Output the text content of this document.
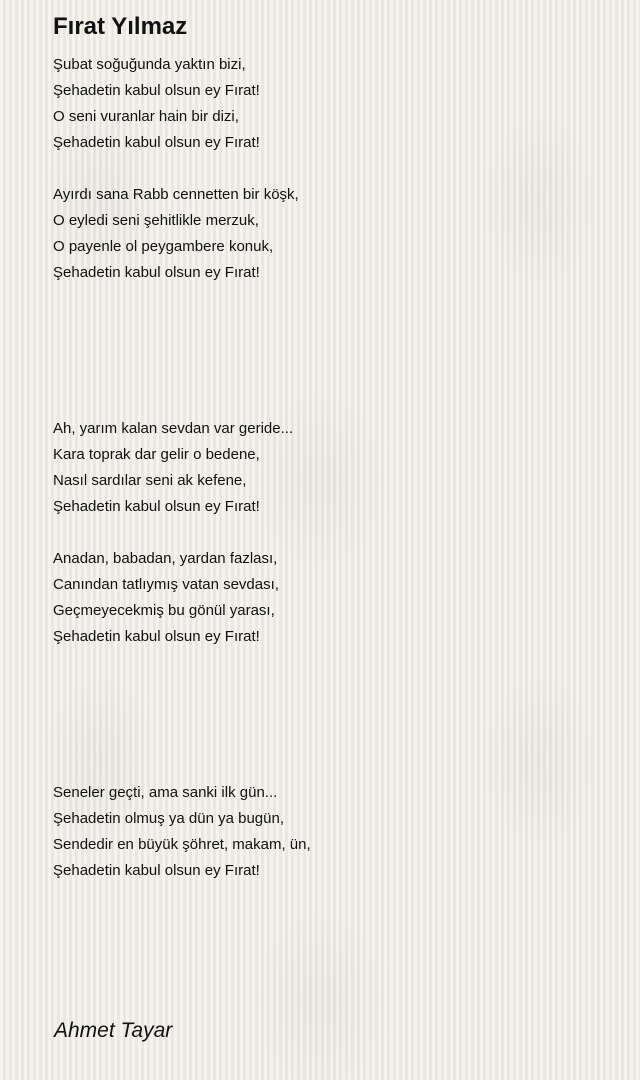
Fırat Yılmaz
Şubat soğuğunda yaktın bizi,
Şehadetin kabul olsun ey Fırat!
O seni vuranlar hain bir dizi,
Şehadetin kabul olsun ey Fırat!
Ayırdı sana Rabb cennetten bir köşk,
O eyledi seni şehitlikle merzuk,
O payenle ol peygambere konuk,
Şehadetin kabul olsun ey Fırat!
Ah, yarım kalan sevdan var geride...
Kara toprak dar gelir o bedene,
Nasıl sardılar seni ak kefene,
Şehadetin kabul olsun ey Fırat!
Anadan, babadan, yardan fazlası,
Canından tatlıymış vatan sevdası,
Geçmeyecekmiş bu gönül yarası,
Şehadetin kabul olsun ey Fırat!
Seneler geçti, ama sanki ilk gün...
Şehadetin olmuş ya dün ya bugün,
Sendedir en büyük şöhret, makam, ün,
Şehadetin kabul olsun ey Fırat!
Ahmet Tayar
